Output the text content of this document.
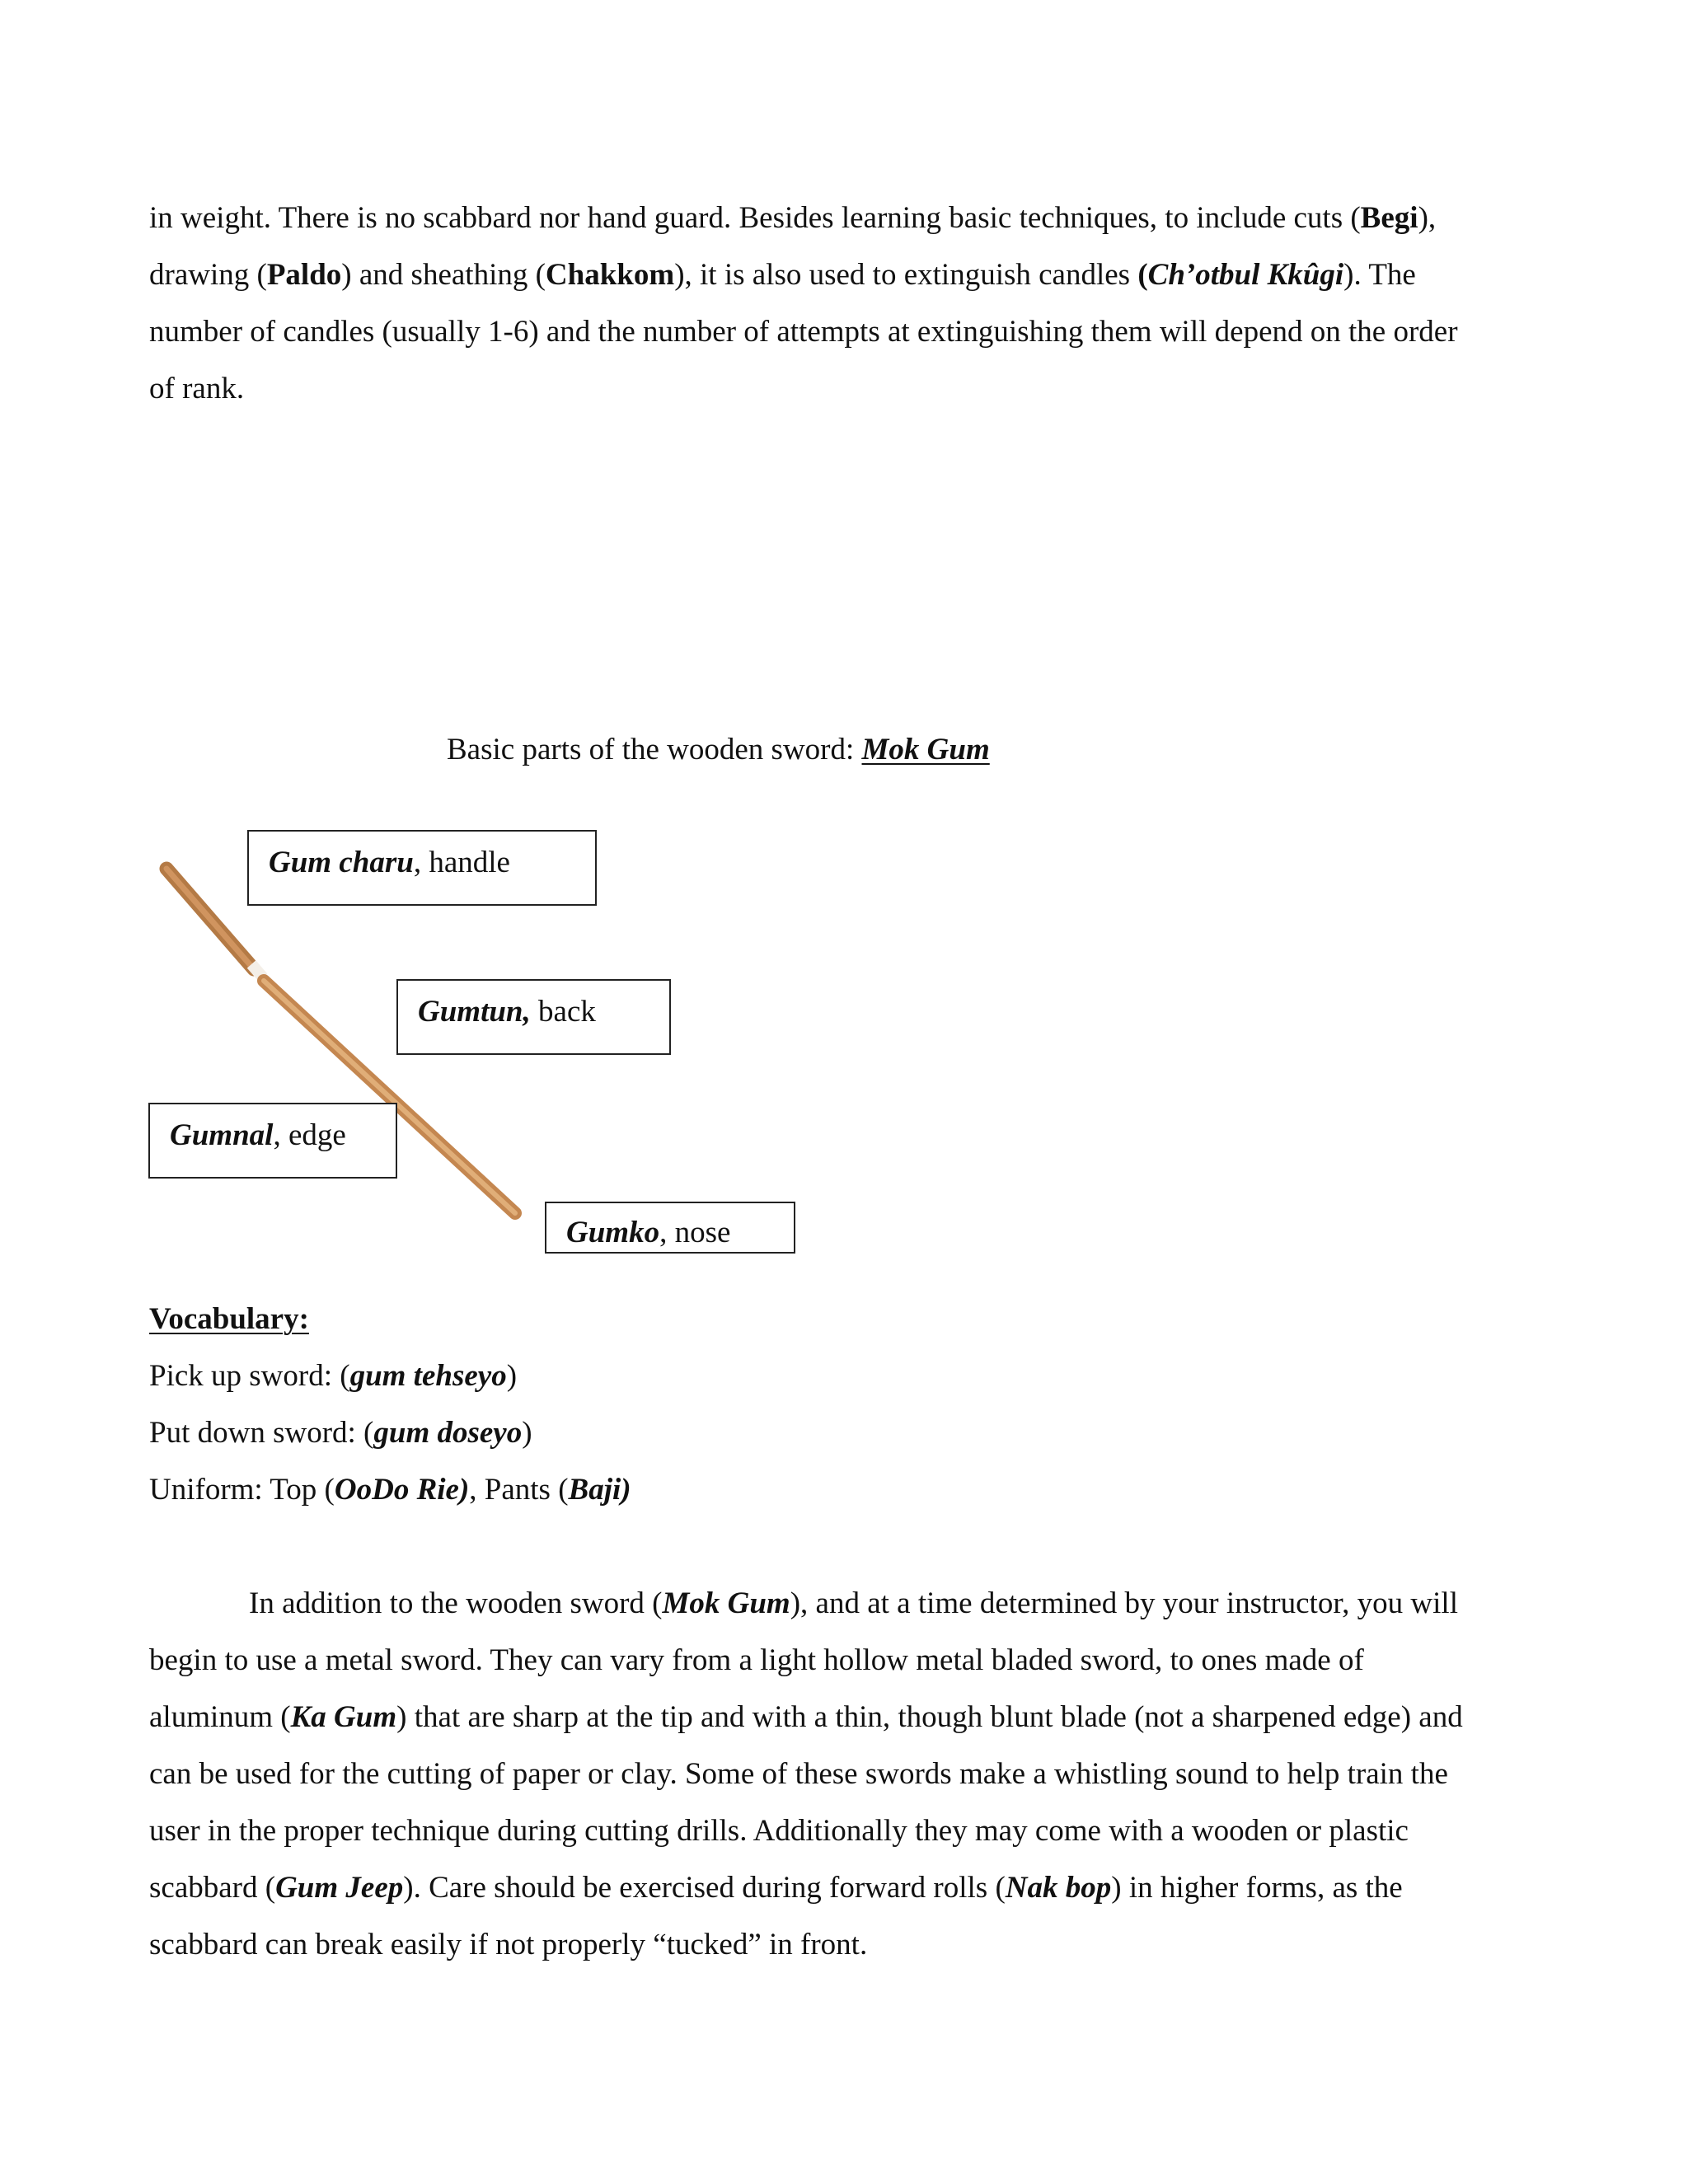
in weight. There is no scabbard nor hand guard. Besides learning basic techniques, to include cuts (Begi),
drawing (Paldo) and sheathing (Chakkom), it is also used to extinguish candles (Ch’otbul Kkûgi). The
number of candles (usually 1-6) and the number of attempts at extinguishing them will depend on the order
of rank.
Basic parts of the wooden sword: Mok Gum
Gum charu, handle
Gumtun, back
Gumnal, edge
Gumko, nose
Vocabulary:
Pick up sword: (gum tehseyo)
Put down sword: (gum doseyo)
Uniform: Top (OoDo Rie), Pants (Baji)
In addition to the wooden sword (Mok Gum), and at a time determined by your instructor, you will
begin to use a metal sword. They can vary from a light hollow metal bladed sword, to ones made of
aluminum (Ka Gum) that are sharp at the tip and with a thin, though blunt blade (not a sharpened edge) and
can be used for the cutting of paper or clay. Some of these swords make a whistling sound to help train the
user in the proper technique during cutting drills. Additionally they may come with a wooden or plastic
scabbard (Gum Jeep). Care should be exercised during forward rolls (Nak bop) in higher forms, as the
scabbard can break easily if not properly “tucked” in front.
